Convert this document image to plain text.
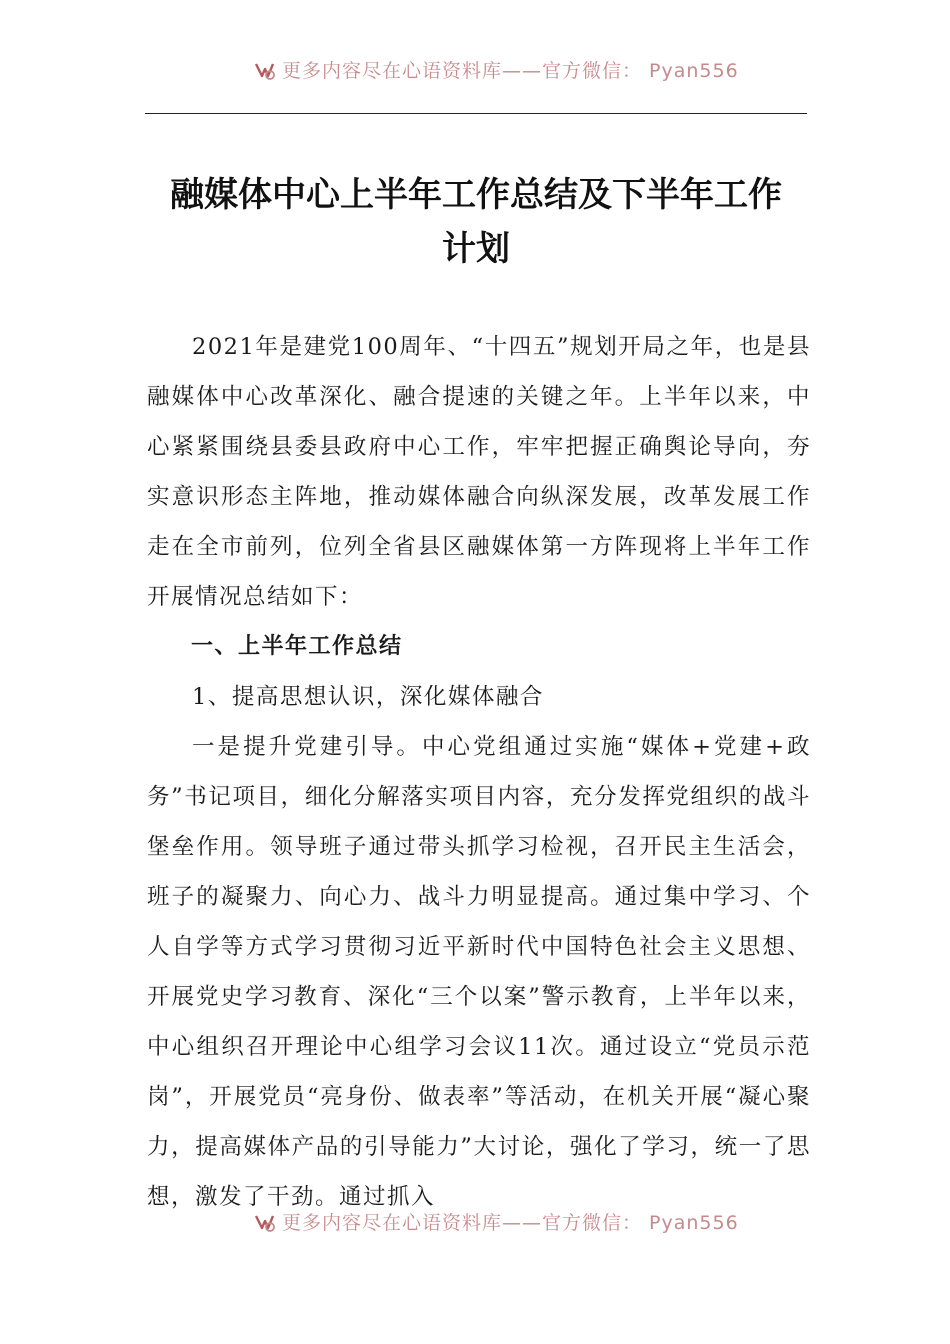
更多内容尽在心语资料库——官方微信： Pyan556
融媒体中心上半年工作总结及下半年工作
计划

2021年是建党100周年、“十四五”规划开局之年，也是县融媒体中心改革深化、融合提速的关键之年。上半年以来，中心紧紧围绕县委县政府中心工作，牢牢把握正确舆论导向，夯实意识形态主阵地，推动媒体融合向纵深发展，改革发展工作走在全市前列，位列全省县区融媒体第一方阵现将上半年工作开展情况总结如下：

一、上半年工作总结

1、提高思想认识，深化媒体融合

一是提升党建引导。中心党组通过实施“媒体+党建+政务”书记项目，细化分解落实项目内容，充分发挥党组织的战斗堡垒作用。领导班子通过带头抓学习检视，召开民主生活会，班子的凝聚力、向心力、战斗力明显提高。通过集中学习、个人自学等方式学习贯彻习近平新时代中国特色社会主义思想、开展党史学习教育、深化“三个以案”警示教育，上半年以来，中心组织召开理论中心组学习会议11次。通过设立“党员示范岗”，开展党员“亮身份、做表率”等活动，在机关开展“凝心聚力，提高媒体产品的引导能力”大讨论，强化了学习，统一了思想，激发了干劲。通过抓入

更多内容尽在心语资料库——官方微信： Pyan556
